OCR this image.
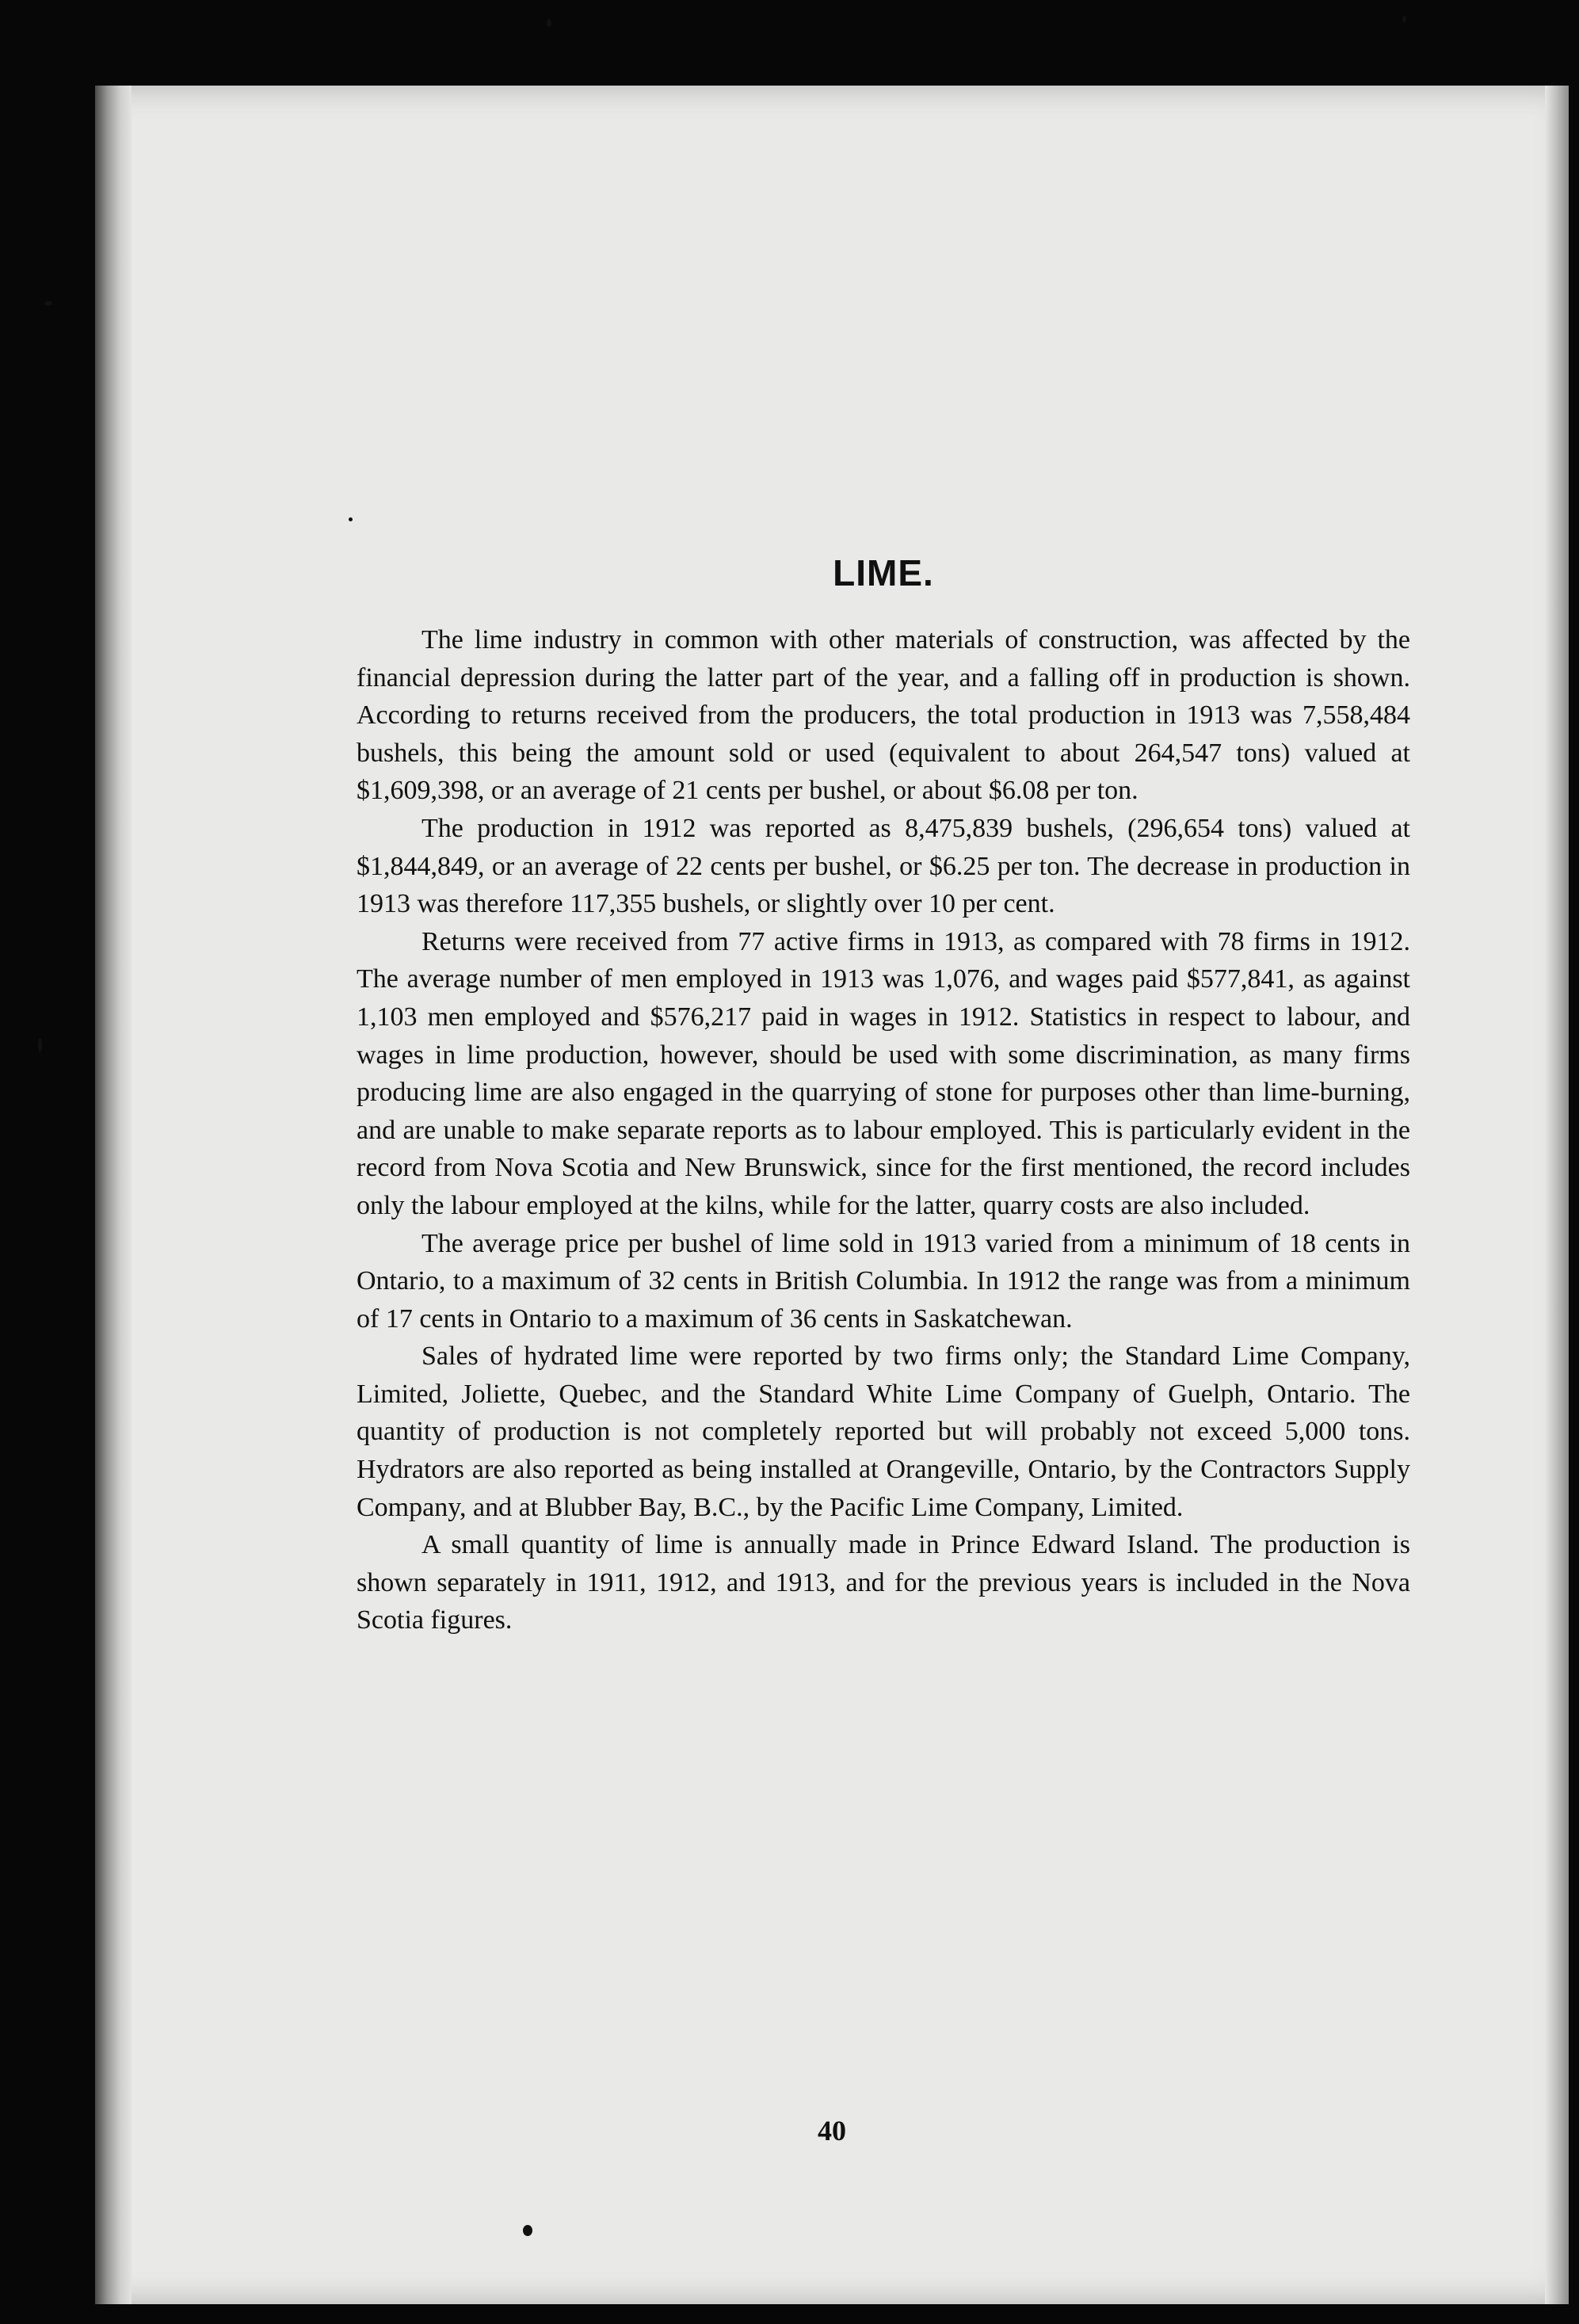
LIME.

The lime industry in common with other materials of construction, was affected by the financial depression during the latter part of the year, and a falling off in production is shown. According to returns received from the producers, the total production in 1913 was 7,558,484 bushels, this being the amount sold or used (equivalent to about 264,547 tons) valued at $1,609,398, or an average of 21 cents per bushel, or about $6.08 per ton.

The production in 1912 was reported as 8,475,839 bushels, (296,654 tons) valued at $1,844,849, or an average of 22 cents per bushel, or $6.25 per ton. The decrease in production in 1913 was therefore 117,355 bushels, or slightly over 10 per cent.

Returns were received from 77 active firms in 1913, as compared with 78 firms in 1912. The average number of men employed in 1913 was 1,076, and wages paid $577,841, as against 1,103 men employed and $576,217 paid in wages in 1912. Statistics in respect to labour, and wages in lime production, however, should be used with some discrimination, as many firms producing lime are also engaged in the quarrying of stone for purposes other than lime-burning, and are unable to make separate reports as to labour employed. This is particularly evident in the record from Nova Scotia and New Brunswick, since for the first mentioned, the record includes only the labour employed at the kilns, while for the latter, quarry costs are also included.

The average price per bushel of lime sold in 1913 varied from a minimum of 18 cents in Ontario, to a maximum of 32 cents in British Columbia. In 1912 the range was from a minimum of 17 cents in Ontario to a maximum of 36 cents in Saskatchewan.

Sales of hydrated lime were reported by two firms only; the Standard Lime Company, Limited, Joliette, Quebec, and the Standard White Lime Company of Guelph, Ontario. The quantity of production is not completely reported but will probably not exceed 5,000 tons. Hydrators are also reported as being installed at Orangeville, Ontario, by the Contractors Supply Company, and at Blubber Bay, B.C., by the Pacific Lime Company, Limited.

A small quantity of lime is annually made in Prince Edward Island. The production is shown separately in 1911, 1912, and 1913, and for the previous years is included in the Nova Scotia figures.

40
